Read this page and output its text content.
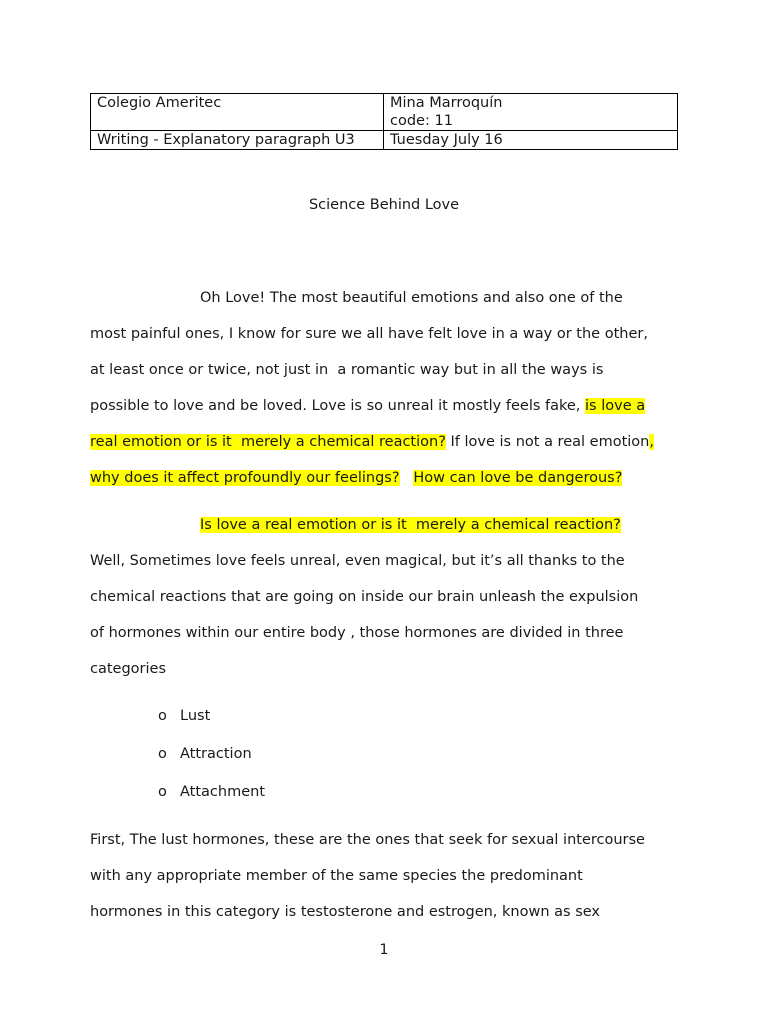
Colegio Ameritec	Mina Marroquín
code: 11

Writing - Explanatory paragraph U3	Tuesday July 16
Science Behind Love
Oh Love! The most beautiful emotions and also one of the
most painful ones, I know for sure we all have felt love in a way or the other,
at least once or twice, not just in  a romantic way but in all the ways is
possible to love and be loved. Love is so unreal it mostly feels fake, is love a
real emotion or is it  merely a chemical reaction? If love is not a real emotion,
why does it affect profoundly our feelings? How can love be dangerous?
Is love a real emotion or is it  merely a chemical reaction?
Well, Sometimes love feels unreal, even magical, but it’s all thanks to the
chemical reactions that are going on inside our brain unleash the expulsion
of hormones within our entire body , those hormones are divided in three
categories
o Lust
o Attraction
o Attachment
First, The lust hormones, these are the ones that seek for sexual intercourse
with any appropriate member of the same species the predominant
hormones in this category is testosterone and estrogen, known as sex
1
